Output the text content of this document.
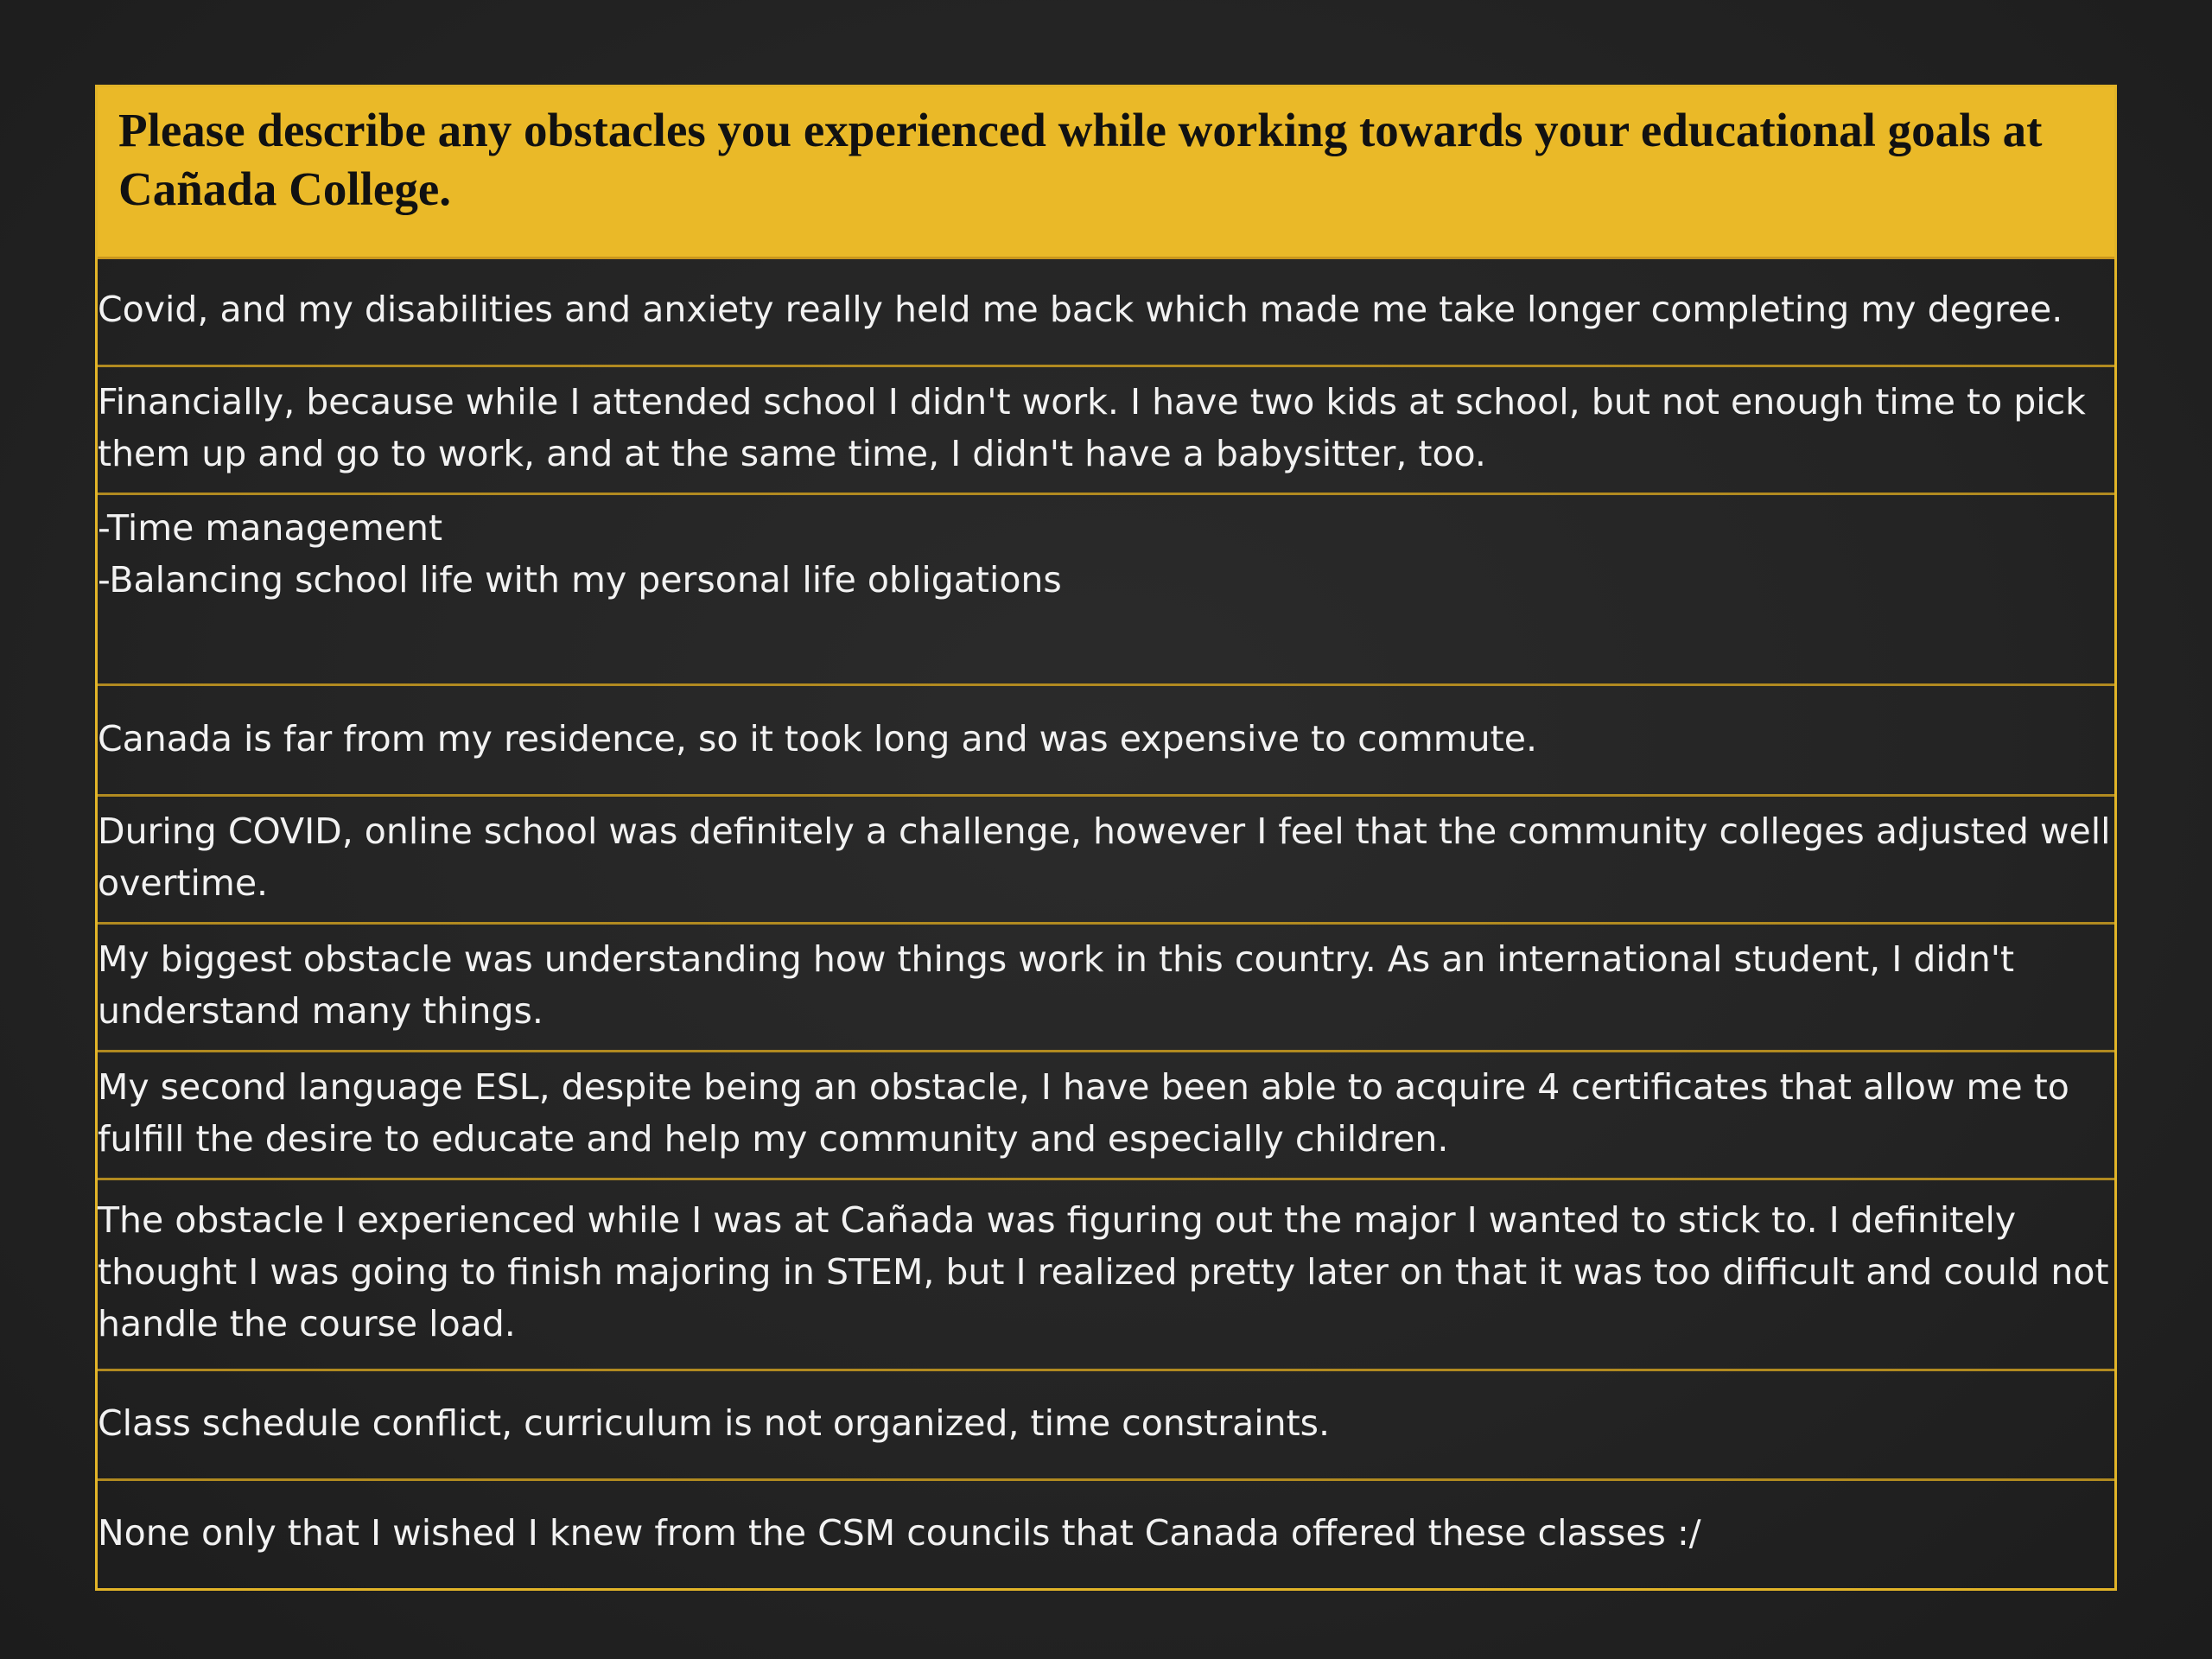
Please describe any obstacles you experienced while working towards your educational goals at Cañada College.

Covid, and my disabilities and anxiety really held me back which made me take longer completing my degree.

Financially, because while I attended school I didn't work. I have two kids at school, but not enough time to pick them up and go to work, and at the same time, I didn't have a babysitter, too.

-Time management
-Balancing school life with my personal life obligations

Canada is far from my residence, so it took long and was expensive to commute.

During COVID, online school was definitely a challenge, however I feel that the community colleges adjusted well overtime.

My biggest obstacle was understanding how things work in this country. As an international student, I didn't understand many things.

My second language ESL, despite being an obstacle, I have been able to acquire 4 certificates that allow me to fulfill the desire to educate and help my community and especially children.

The obstacle I experienced while I was at Cañada was figuring out the major I wanted to stick to. I definitely thought I was going to finish majoring in STEM, but I realized pretty later on that it was too difficult and could not handle the course load.

Class schedule conflict, curriculum is not organized, time constraints.

None only that I wished I knew from the CSM councils that Canada offered these classes :/
